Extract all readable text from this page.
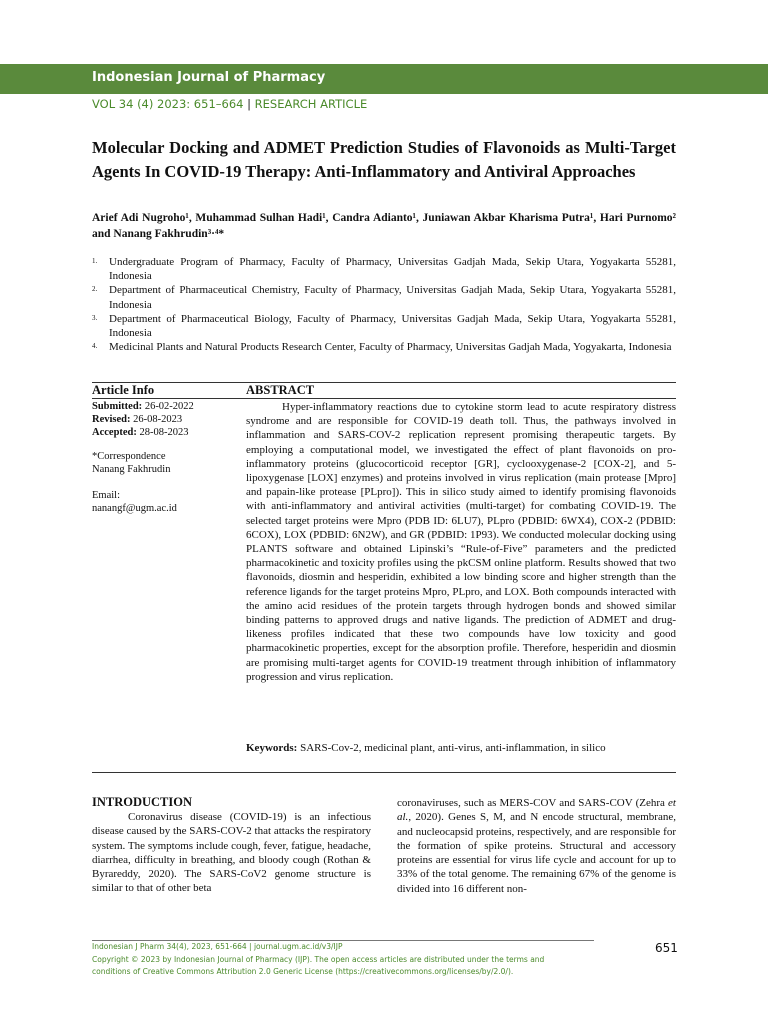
Indonesian Journal of Pharmacy
VOL 34 (4) 2023: 651–664 | RESEARCH ARTICLE
Molecular Docking and ADMET Prediction Studies of Flavonoids as Multi-Target Agents In COVID-19 Therapy: Anti-Inflammatory and Antiviral Approaches
Arief Adi Nugroho¹, Muhammad Sulhan Hadi¹, Candra Adianto¹, Juniawan Akbar Kharisma Putra¹, Hari Purnomo² and Nanang Fakhrudin³·⁴*
1. Undergraduate Program of Pharmacy, Faculty of Pharmacy, Universitas Gadjah Mada, Sekip Utara, Yogyakarta 55281, Indonesia
2. Department of Pharmaceutical Chemistry, Faculty of Pharmacy, Universitas Gadjah Mada, Sekip Utara, Yogyakarta 55281, Indonesia
3. Department of Pharmaceutical Biology, Faculty of Pharmacy, Universitas Gadjah Mada, Sekip Utara, Yogyakarta 55281, Indonesia
4. Medicinal Plants and Natural Products Research Center, Faculty of Pharmacy, Universitas Gadjah Mada, Yogyakarta, Indonesia
Article Info	ABSTRACT
Submitted: 26-02-2022
Revised: 26-08-2023
Accepted: 28-08-2023
*Correspondence
Nanang Fakhrudin
Email:
nanangf@ugm.ac.id
Hyper-inflammatory reactions due to cytokine storm lead to acute respiratory distress syndrome and are responsible for COVID-19 death toll. Thus, the pathways involved in inflammation and SARS-COV-2 replication represent promising therapeutic targets. By employing a computational model, we investigated the effect of plant flavonoids on pro-inflammatory proteins (glucocorticoid receptor [GR], cyclooxygenase-2 [COX-2], and 5-lipoxygenase [LOX] enzymes) and proteins involved in virus replication (main protease [Mpro] and papain-like protease [PLpro]). This in silico study aimed to identify promising flavonoids with anti-inflammatory and antiviral activities (multi-target) for combating COVID-19. The selected target proteins were Mpro (PDB ID: 6LU7), PLpro (PDBID: 6WX4), COX-2 (PDBID: 6COX), LOX (PDBID: 6N2W), and GR (PDBID: 1P93). We conducted molecular docking using PLANTS software and obtained Lipinski’s “Rule-of-Five” parameters and the predicted pharmacokinetic and toxicity profiles using the pkCSM online platform. Results showed that two flavonoids, diosmin and hesperidin, exhibited a low binding score and higher strength than the reference ligands for the target proteins Mpro, PLpro, and LOX. Both compounds interacted with the amino acid residues of the protein targets through hydrogen bonds and showed similar binding patterns to approved drugs and native ligands. The prediction of ADMET and drug-likeness profiles indicated that these two compounds have low toxicity and good pharmacokinetic properties, except for the absorption profile. Therefore, hesperidin and diosmin are promising multi-target agents for COVID-19 treatment through inhibition of inflammatory progression and virus replication.
Keywords: SARS-Cov-2, medicinal plant, anti-virus, anti-inflammation, in silico
INTRODUCTION
Coronavirus disease (COVID-19) is an infectious disease caused by the SARS-COV-2 that attacks the respiratory system. The symptoms include cough, fever, fatigue, headache, diarrhea, difficulty in breathing, and bloody cough (Rothan & Byrareddy, 2020). The SARS-CoV2 genome structure is similar to that of other beta
coronaviruses, such as MERS-COV and SARS-COV (Zehra et al., 2020). Genes S, M, and N encode structural, membrane, and nucleocapsid proteins, respectively, and are responsible for the formation of spike proteins. Structural and accessory proteins are essential for virus life cycle and account for up to 33% of the total genome. The remaining 67% of the genome is divided into 16 different non-
Indonesian J Pharm 34(4), 2023, 651-664 | journal.ugm.ac.id/v3/IJP
Copyright © 2023 by Indonesian Journal of Pharmacy (IJP). The open access articles are distributed under the terms and
conditions of Creative Commons Attribution 2.0 Generic License (https://creativecommons.org/licenses/by/2.0/).
651
